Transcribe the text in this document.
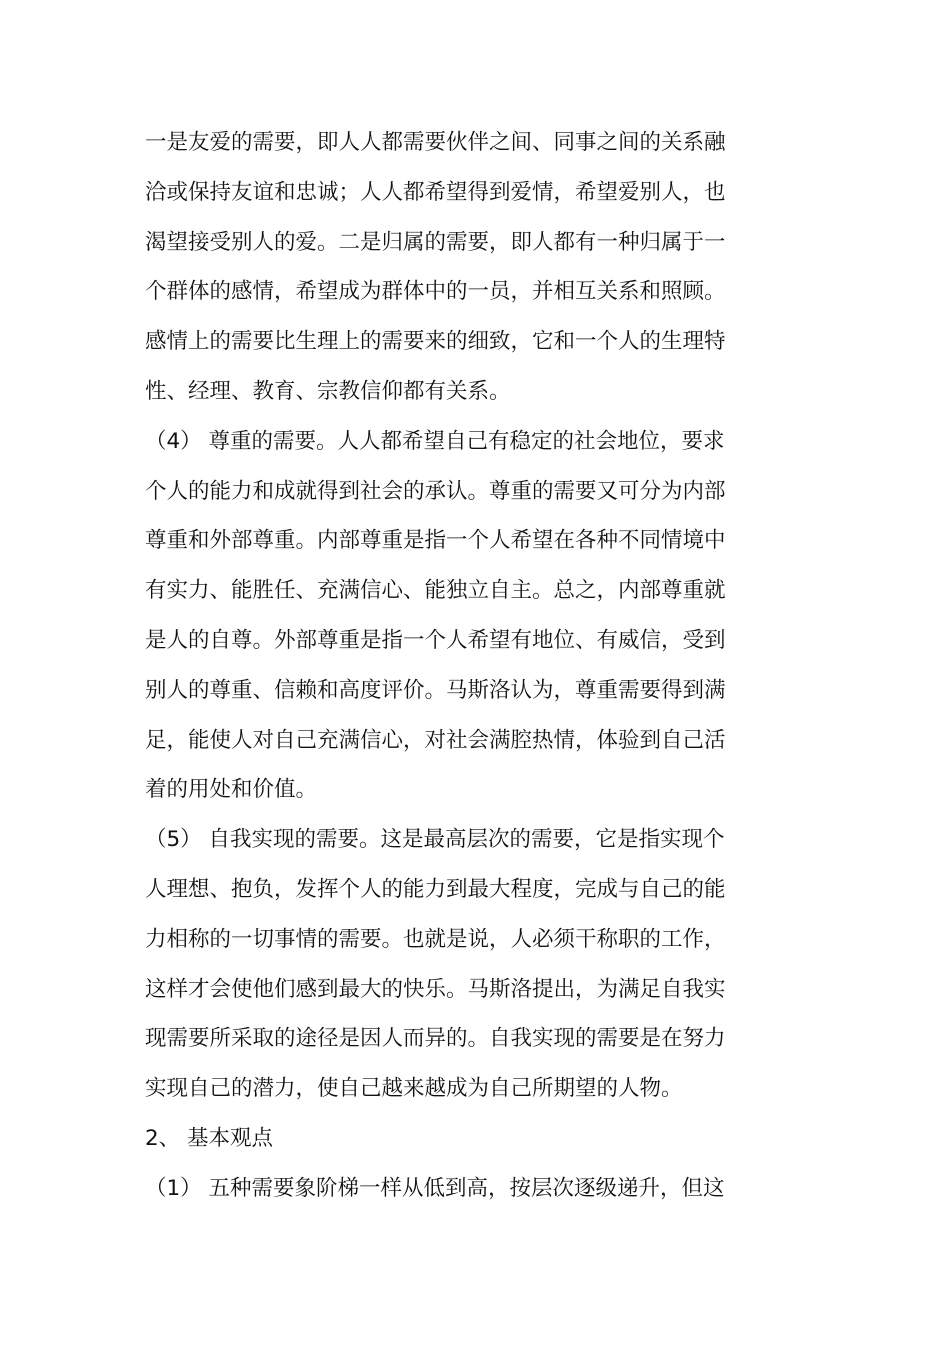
一是友爱的需要，即人人都需要伙伴之间、同事之间的关系融
洽或保持友谊和忠诚；人人都希望得到爱情，希望爱别人，也
渴望接受别人的爱。二是归属的需要，即人都有一种归属于一
个群体的感情，希望成为群体中的一员，并相互关系和照顾。
感情上的需要比生理上的需要来的细致，它和一个人的生理特
性、经理、教育、宗教信仰都有关系。
（4） 尊重的需要。人人都希望自己有稳定的社会地位，要求
个人的能力和成就得到社会的承认。尊重的需要又可分为内部
尊重和外部尊重。内部尊重是指一个人希望在各种不同情境中
有实力、能胜任、充满信心、能独立自主。总之，内部尊重就
是人的自尊。外部尊重是指一个人希望有地位、有威信，受到
别人的尊重、信赖和高度评价。马斯洛认为，尊重需要得到满
足，能使人对自己充满信心，对社会满腔热情，体验到自己活
着的用处和价值。
（5） 自我实现的需要。这是最高层次的需要，它是指实现个
人理想、抱负，发挥个人的能力到最大程度，完成与自己的能
力相称的一切事情的需要。也就是说，人必须干称职的工作，
这样才会使他们感到最大的快乐。马斯洛提出，为满足自我实
现需要所采取的途径是因人而异的。自我实现的需要是在努力
实现自己的潜力，使自己越来越成为自己所期望的人物。
2、 基本观点
（1） 五种需要象阶梯一样从低到高，按层次逐级递升，但这
